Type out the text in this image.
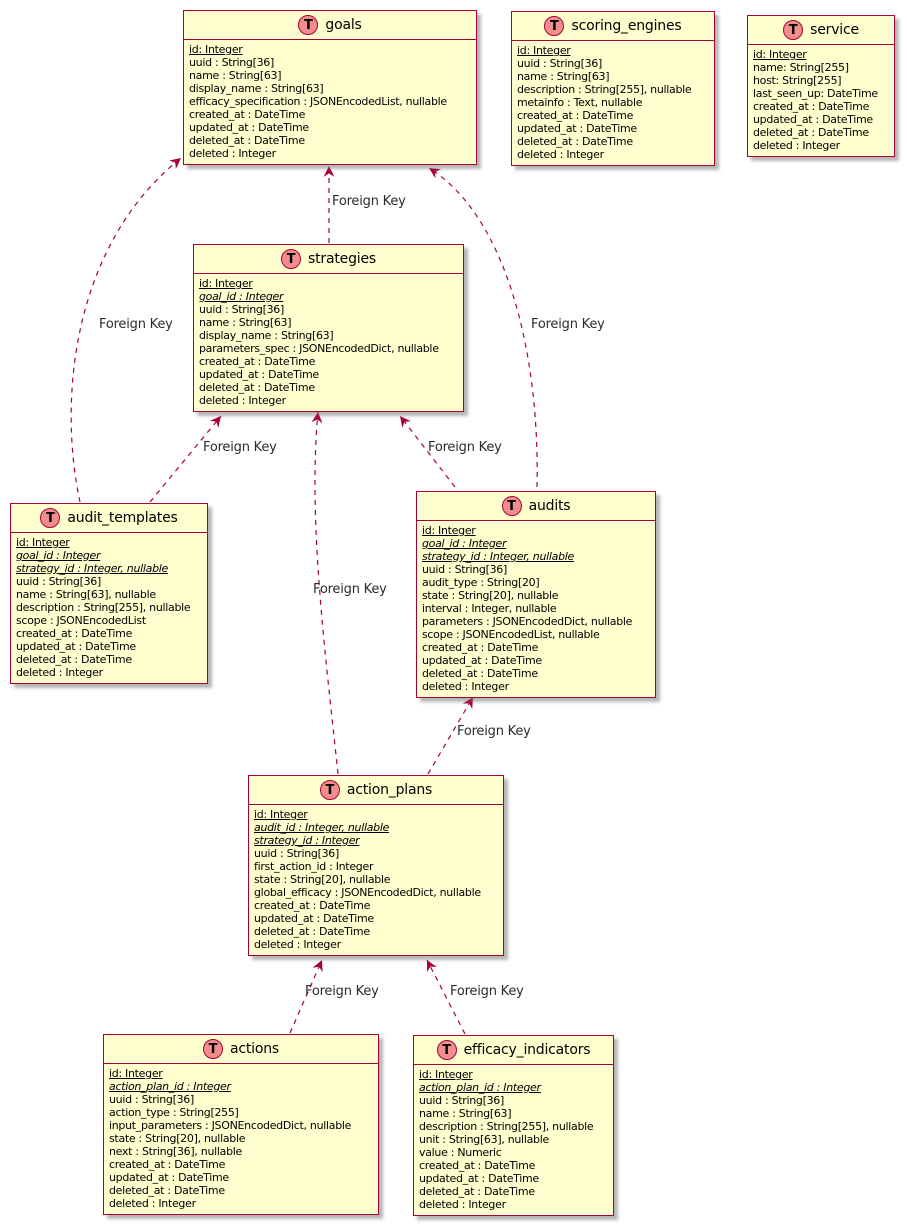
Foreign Key
Foreign Key	Foreign Key
Foreign Key	Foreign Key
Foreign Key
Foreign Key
Foreign Key	Foreign Key
T goals
id: Integer
uuid : String[36]
name : String[63]
display_name : String[63]
efficacy_specification : JSONEncodedList, nullable
created_at : DateTime
updated_at : DateTime
deleted_at : DateTime
deleted : Integer
T scoring_engines
id: Integer
uuid : String[36]
name : String[63]
description : String[255], nullable
metainfo : Text, nullable
created_at : DateTime
updated_at : DateTime
deleted_at : DateTime
deleted : Integer
T service
id: Integer
name: String[255]
host: String[255]
last_seen_up: DateTime
created_at : DateTime
updated_at : DateTime
deleted_at : DateTime
deleted : Integer
T strategies
id: Integer
goal_id : Integer
uuid : String[36]
name : String[63]
display_name : String[63]
parameters_spec : JSONEncodedDict, nullable
created_at : DateTime
updated_at : DateTime
deleted_at : DateTime
deleted : Integer
T audit_templates
id: Integer
goal_id : Integer
strategy_id : Integer, nullable
uuid : String[36]
name : String[63], nullable
description : String[255], nullable
scope : JSONEncodedList
created_at : DateTime
updated_at : DateTime
deleted_at : DateTime
deleted : Integer
T audits
id: Integer
goal_id : Integer
strategy_id : Integer, nullable
uuid : String[36]
audit_type : String[20]
state : String[20], nullable
interval : Integer, nullable
parameters : JSONEncodedDict, nullable
scope : JSONEncodedList, nullable
created_at : DateTime
updated_at : DateTime
deleted_at : DateTime
deleted : Integer
T action_plans
id: Integer
audit_id : Integer, nullable
strategy_id : Integer
uuid : String[36]
first_action_id : Integer
state : String[20], nullable
global_efficacy : JSONEncodedDict, nullable
created_at : DateTime
updated_at : DateTime
deleted_at : DateTime
deleted : Integer
T actions
id: Integer
action_plan_id : Integer
uuid : String[36]
action_type : String[255]
input_parameters : JSONEncodedDict, nullable
state : String[20], nullable
next : String[36], nullable
created_at : DateTime
updated_at : DateTime
deleted_at : DateTime
deleted : Integer
T efficacy_indicators
id: Integer
action_plan_id : Integer
uuid : String[36]
name : String[63]
description : String[255], nullable
unit : String[63], nullable
value : Numeric
created_at : DateTime
updated_at : DateTime
deleted_at : DateTime
deleted : Integer
